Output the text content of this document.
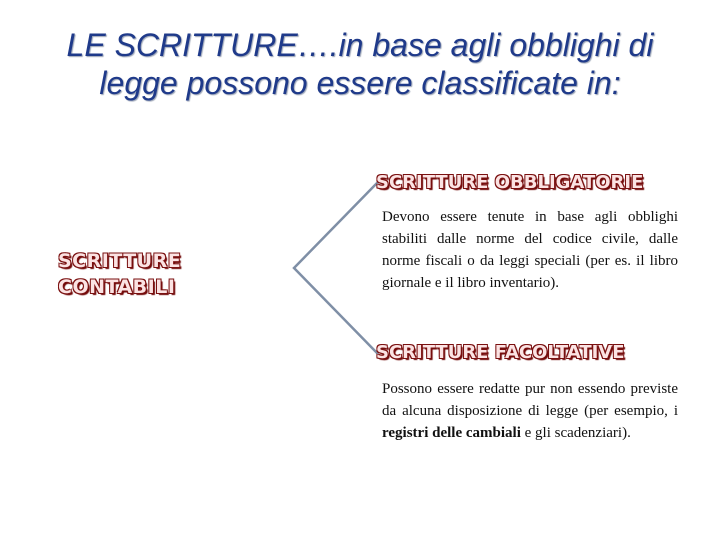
LE SCRITTURE….in base agli obblighi di
legge possono essere classificate in:
SCRITTURE
CONTABILI
SCRITTURE OBBLIGATORIE

Devono essere tenute in base agli obblighi stabiliti dalle norme del codice civile, dalle norme fiscali o da leggi speciali (per es. il libro giornale e il libro inventario).

SCRITTURE FACOLTATIVE

Possono essere redatte pur non essendo previste da alcuna disposizione di legge (per esempio, i registri delle cambiali e gli scadenziari).
